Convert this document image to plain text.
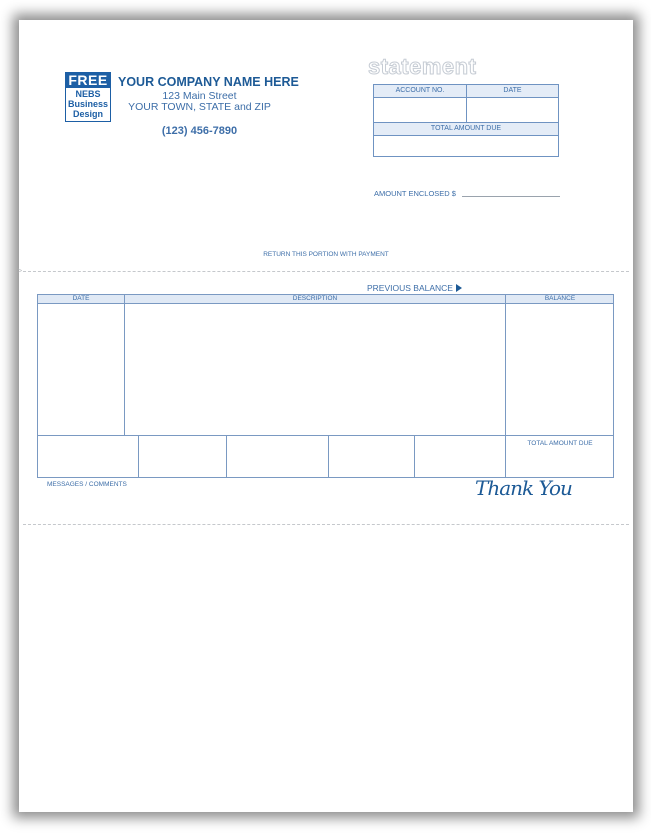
FREE
NEBS
Business
Design
YOUR COMPANY NAME HERE
123 Main Street
YOUR TOWN, STATE and ZIP
(123) 456-7890
statement
ACCOUNT NO.	DATE
TOTAL AMOUNT DUE
AMOUNT ENCLOSED $
RETURN THIS PORTION WITH PAYMENT
>
PREVIOUS BALANCE
DATE	DESCRIPTION	BALANCE
TOTAL AMOUNT DUE
MESSAGES / COMMENTS	Thank You
